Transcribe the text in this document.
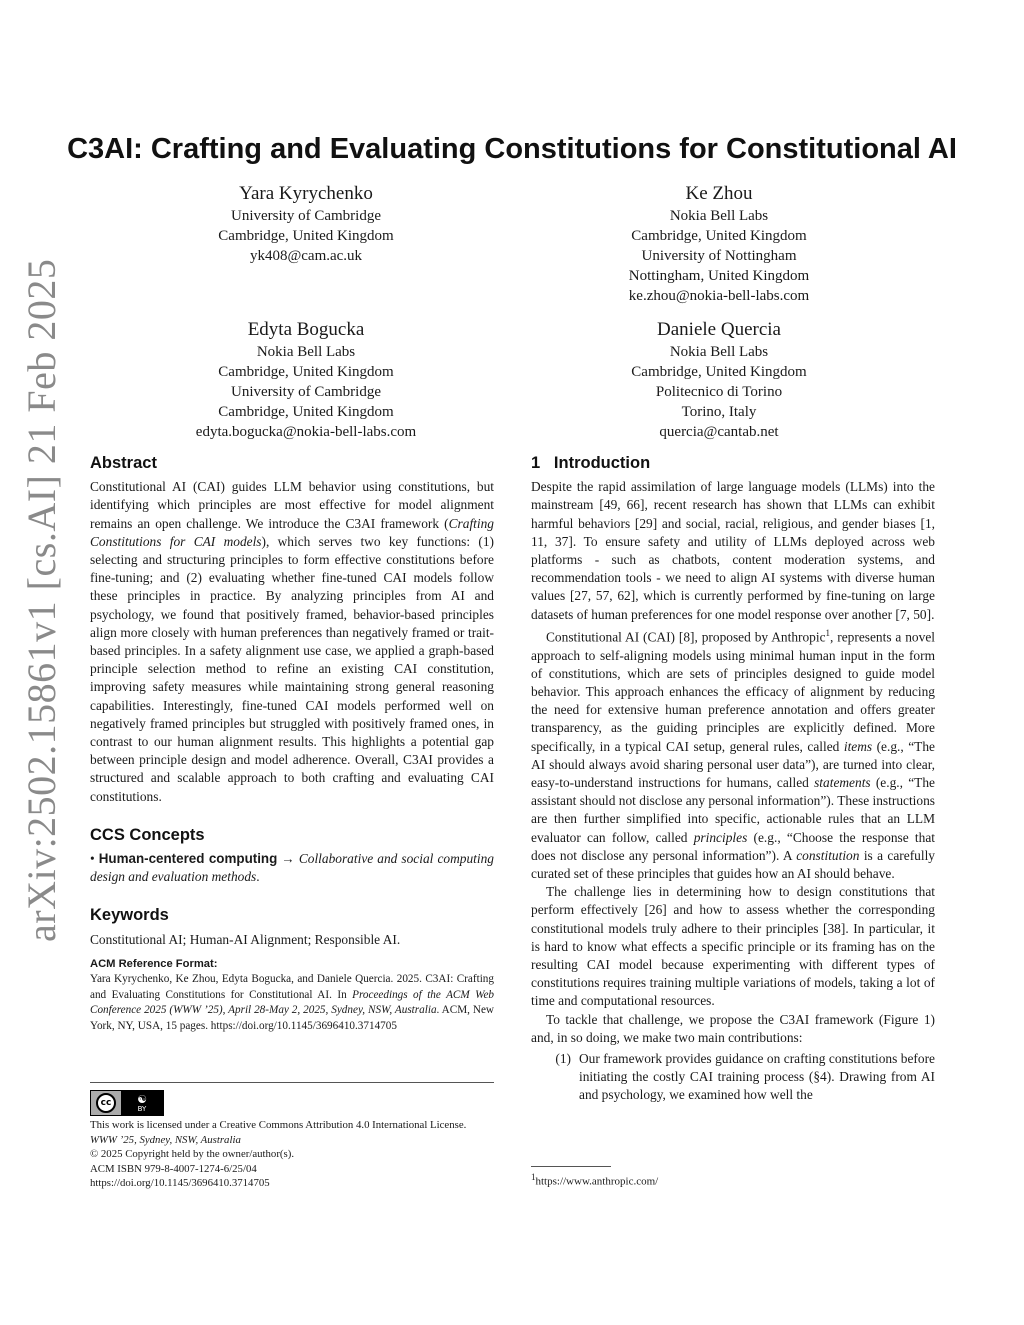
arXiv:2502.15861v1 [cs.AI] 21 Feb 2025
C3AI: Crafting and Evaluating Constitutions for Constitutional AI
Yara Kyrychenko
University of Cambridge
Cambridge, United Kingdom
yk408@cam.ac.uk
Ke Zhou
Nokia Bell Labs
Cambridge, United Kingdom
University of Nottingham
Nottingham, United Kingdom
ke.zhou@nokia-bell-labs.com
Edyta Bogucka
Nokia Bell Labs
Cambridge, United Kingdom
University of Cambridge
Cambridge, United Kingdom
edyta.bogucka@nokia-bell-labs.com
Daniele Quercia
Nokia Bell Labs
Cambridge, United Kingdom
Politecnico di Torino
Torino, Italy
quercia@cantab.net
Abstract

Constitutional AI (CAI) guides LLM behavior using constitutions, but identifying which principles are most effective for model alignment remains an open challenge. We introduce the C3AI framework (Crafting Constitutions for CAI models), which serves two key functions: (1) selecting and structuring principles to form effective constitutions before fine-tuning; and (2) evaluating whether fine-tuned CAI models follow these principles in practice. By analyzing principles from AI and psychology, we found that positively framed, behavior-based principles align more closely with human preferences than negatively framed or trait-based principles. In a safety alignment use case, we applied a graph-based principle selection method to refine an existing CAI constitution, improving safety measures while maintaining strong general reasoning capabilities. Interestingly, fine-tuned CAI models performed well on negatively framed principles but struggled with positively framed ones, in contrast to our human alignment results. This highlights a potential gap between principle design and model adherence. Overall, C3AI provides a structured and scalable approach to both crafting and evaluating CAI constitutions.

CCS Concepts

• Human-centered computing → Collaborative and social computing design and evaluation methods.

Keywords

Constitutional AI; Human-AI Alignment; Responsible AI.

ACM Reference Format:

Yara Kyrychenko, Ke Zhou, Edyta Bogucka, and Daniele Quercia. 2025. C3AI: Crafting and Evaluating Constitutions for Constitutional AI. In Proceedings of the ACM Web Conference 2025 (WWW ’25), April 28-May 2, 2025, Sydney, NSW, Australia. ACM, New York, NY, USA, 15 pages. https://doi.org/10.1145/3696410.3714705

cc	☯
BY
This work is licensed under a Creative Commons Attribution 4.0 International License.
WWW ’25, Sydney, NSW, Australia
© 2025 Copyright held by the owner/author(s).
ACM ISBN 979-8-4007-1274-6/25/04
https://doi.org/10.1145/3696410.3714705
1   Introduction

Despite the rapid assimilation of large language models (LLMs) into the mainstream [49, 66], recent research has shown that LLMs can exhibit harmful behaviors [29] and social, racial, religious, and gender biases [1, 11, 37]. To ensure safety and utility of LLMs deployed across web platforms - such as chatbots, content moderation systems, and recommendation tools - we need to align AI systems with diverse human values [27, 57, 62], which is currently performed by fine-tuning on large datasets of human preferences for one model response over another [7, 50].

Constitutional AI (CAI) [8], proposed by Anthropic$^1$, represents a novel approach to self-aligning models using minimal human input in the form of constitutions, which are sets of principles designed to guide model behavior. This approach enhances the efficacy of alignment by reducing the need for extensive human preference annotation and offers greater transparency, as the guiding principles are explicitly defined. More specifically, in a typical CAI setup, general rules, called items (e.g., “The AI should always avoid sharing personal user data”), are turned into clear, easy-to-understand instructions for humans, called statements (e.g., “The assistant should not disclose any personal information”). These instructions are then further simplified into specific, actionable rules that an LLM evaluator can follow, called principles (e.g., “Choose the response that does not disclose any personal information”). A constitution is a carefully curated set of these principles that guides how an AI should behave.

The challenge lies in determining how to design constitutions that perform effectively [26] and how to assess whether the corresponding constitutional models truly adhere to their principles [38]. In particular, it is hard to know what effects a specific principle or its framing has on the resulting CAI model because experimenting with different types of constitutions requires training multiple variations of models, taking a lot of time and computational resources.

To tackle that challenge, we propose the C3AI framework (Figure 1) and, in so doing, we make two main contributions:

(1) Our framework provides guidance on crafting constitutions before initiating the costly CAI training process (§4). Drawing from AI and psychology, we examined how well the
$^1$https://www.anthropic.com/
